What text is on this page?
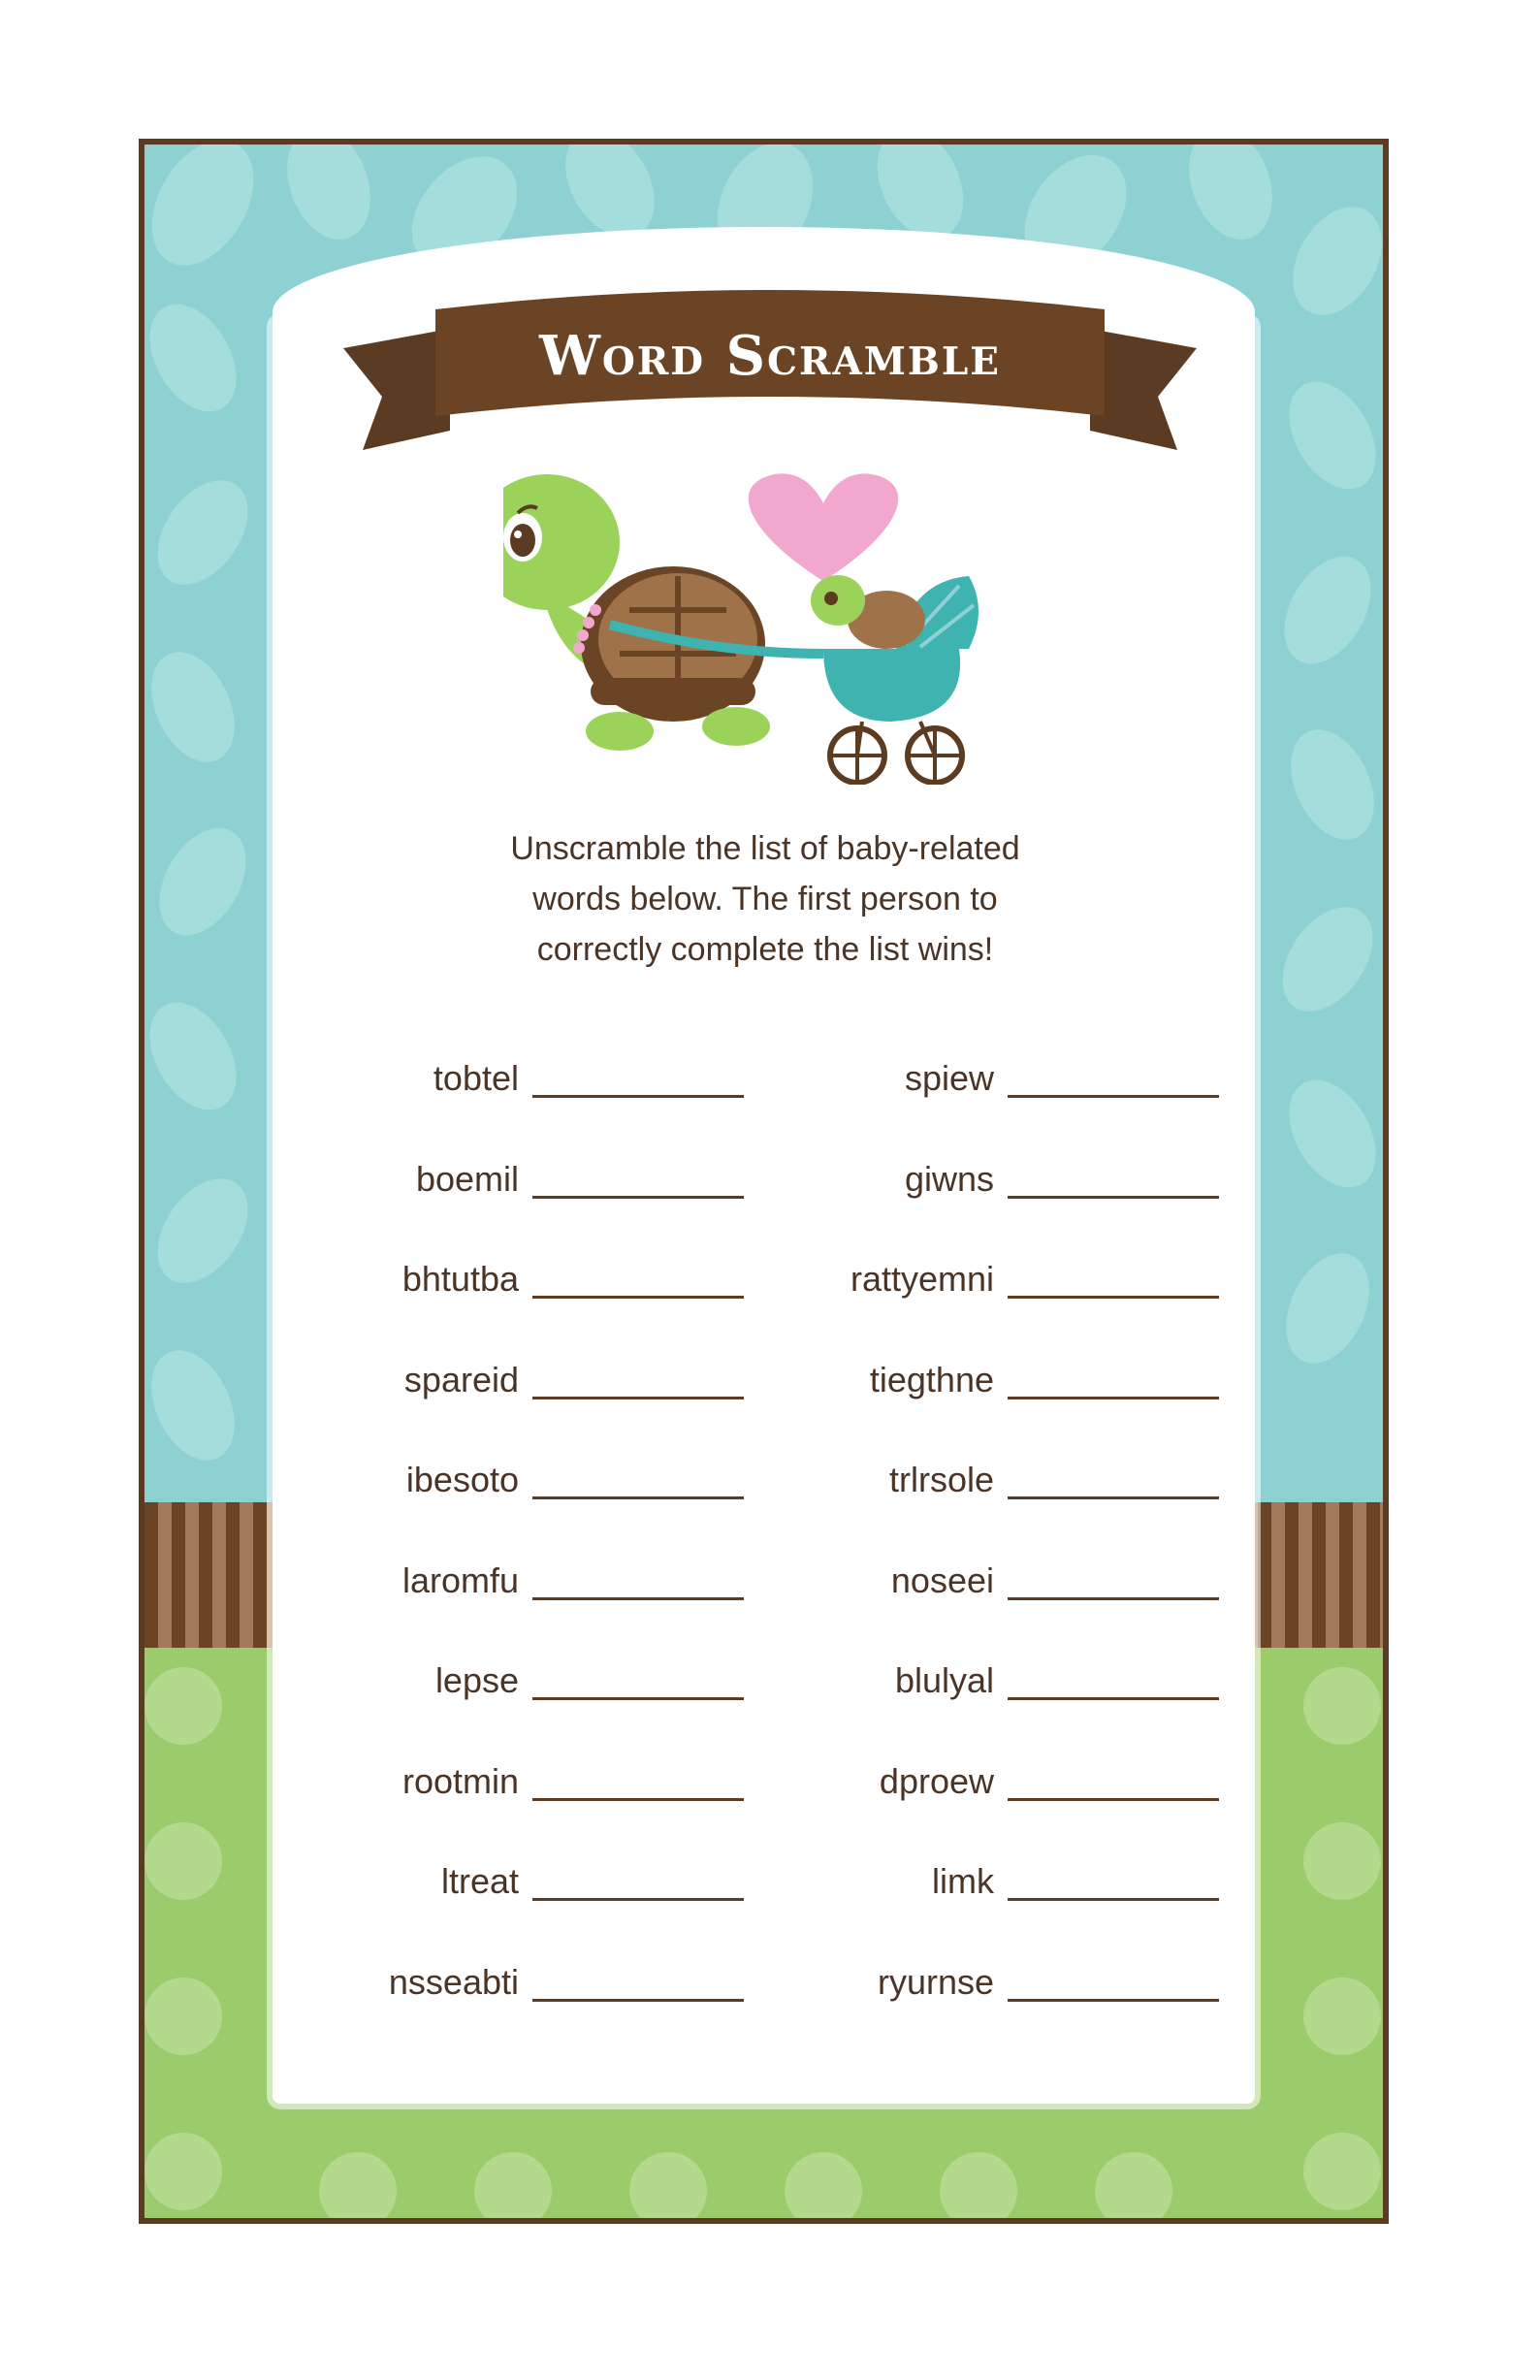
Word Scramble
Unscramble the list of baby-related
words below. The first person to
correctly complete the list wins!
tobtel
boemil
bhtutba
spareid
ibesoto
laromfu
lepse
rootmin
ltreat
nsseabti
spiew
giwns
rattyemni
tiegthne
trlrsole
noseei
blulyal
dproew
limk
ryurnse
